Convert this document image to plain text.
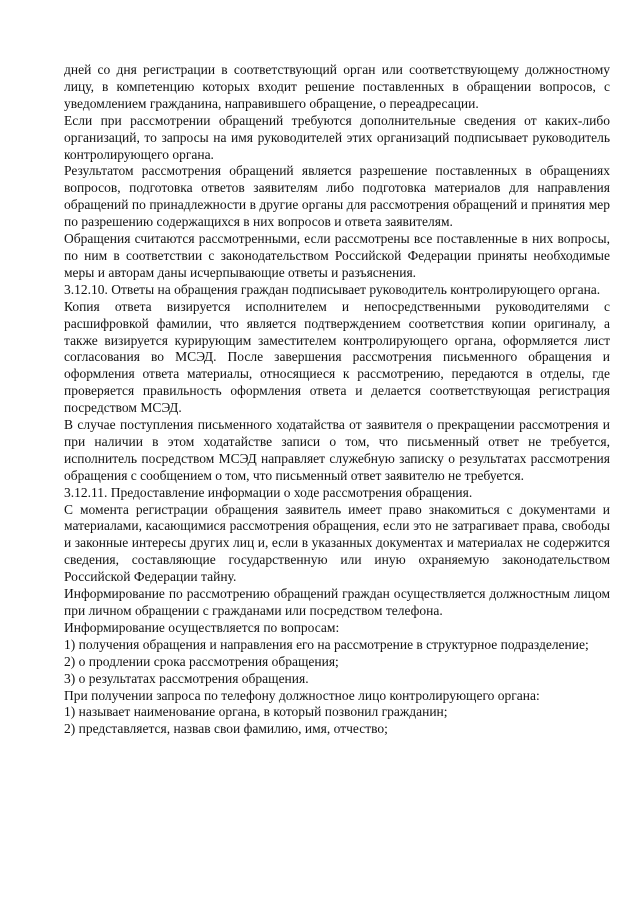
дней со дня регистрации в соответствующий орган или соответствующему должностному лицу, в компетенцию которых входит решение поставленных в обращении вопросов, с уведомлением гражданина, направившего обращение, о переадресации.

Если при рассмотрении обращений требуются дополнительные сведения от каких-либо организаций, то запросы на имя руководителей этих организаций подписывает руководитель контролирующего органа.

Результатом рассмотрения обращений является разрешение поставленных в обращениях вопросов, подготовка ответов заявителям либо подготовка материалов для направления обращений по принадлежности в другие органы для рассмотрения обращений и принятия мер по разрешению содержащихся в них вопросов и ответа заявителям.

Обращения считаются рассмотренными, если рассмотрены все поставленные в них вопросы, по ним в соответствии с законодательством Российской Федерации приняты необходимые меры и авторам даны исчерпывающие ответы и разъяснения.

3.12.10. Ответы на обращения граждан подписывает руководитель контролирующего органа.

Копия ответа визируется исполнителем и непосредственными руководителями с расшифровкой фамилии, что является подтверждением соответствия копии оригиналу, а также визируется курирующим заместителем контролирующего органа, оформляется лист согласования во МСЭД. После завершения рассмотрения письменного обращения и оформления ответа материалы, относящиеся к рассмотрению, передаются в отделы, где проверяется правильность оформления ответа и делается соответствующая регистрация посредством МСЭД.

В случае поступления письменного ходатайства от заявителя о прекращении рассмотрения и при наличии в этом ходатайстве записи о том, что письменный ответ не требуется, исполнитель посредством МСЭД направляет служебную записку о результатах рассмотрения обращения с сообщением о том, что письменный ответ заявителю не требуется.

3.12.11. Предоставление информации о ходе рассмотрения обращения.

С момента регистрации обращения заявитель имеет право знакомиться с документами и материалами, касающимися рассмотрения обращения, если это не затрагивает права, свободы и законные интересы других лиц и, если в указанных документах и материалах не содержится сведения, составляющие государственную или иную охраняемую законодательством Российской Федерации тайну.

Информирование по рассмотрению обращений граждан осуществляется должностным лицом при личном обращении с гражданами или посредством телефона.

Информирование осуществляется по вопросам:

1) получения обращения и направления его на рассмотрение в структурное подразделение;

2) о продлении срока рассмотрения обращения;

3) о результатах рассмотрения обращения.

При получении запроса по телефону должностное лицо контролирующего органа:

1) называет наименование органа, в который позвонил гражданин;

2) представляется, назвав свои фамилию, имя, отчество;
